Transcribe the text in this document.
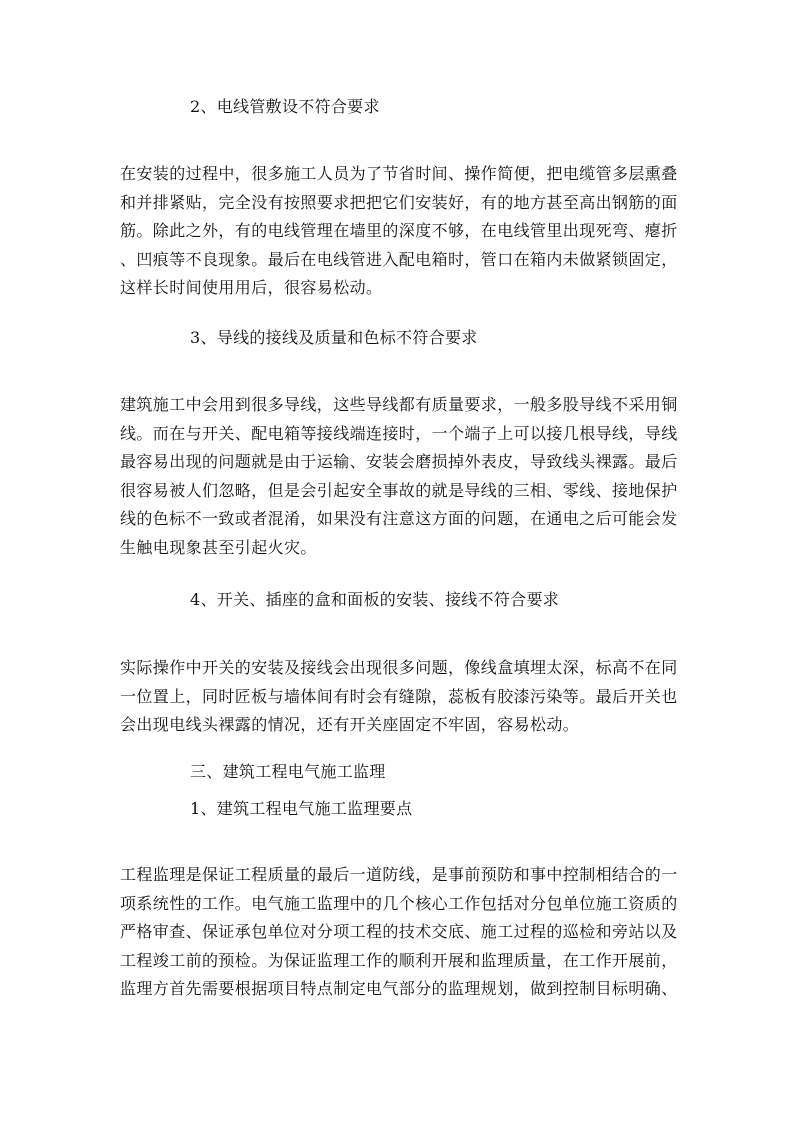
2、电线管敷设不符合要求
在安装的过程中，很多施工人员为了节省时间、操作简便，把电缆管多层熏叠
和并排紧贴，完全没有按照要求把把它们安装好，有的地方甚至高出钢筋的面
筋。除此之外，有的电线管理在墙里的深度不够，在电线管里出现死弯、瘪折
、凹痕等不良现象。最后在电线管进入配电箱时，管口在箱内未做紧锁固定，
这样长时间使用用后，很容易松动。
3、导线的接线及质量和色标不符合要求
建筑施工中会用到很多导线，这些导线都有质量要求，一般多股导线不采用铜
线。而在与开关、配电箱等接线端连接时，一个端子上可以接几根导线，导线
最容易出现的问题就是由于运输、安装会磨损掉外表皮，导致线头裸露。最后
很容易被人们忽略，但是会引起安全事故的就是导线的三相、零线、接地保护
线的色标不一致或者混淆，如果没有注意这方面的问题，在通电之后可能会发
生触电现象甚至引起火灾。
4、开关、插座的盒和面板的安装、接线不符合要求
实际操作中开关的安装及接线会出现很多问题，像线盒填埋太深，标高不在同
一位置上，同时匠板与墙体间有时会有缝隙，蕊板有胶漆污染等。最后开关也
会出现电线头裸露的情况，还有开关座固定不牢固，容易松动。
三、建筑工程电气施工监理
1、建筑工程电气施工监理要点
工程监理是保证工程质量的最后一道防线，是事前预防和事中控制相结合的一
项系统性的工作。电气施工监理中的几个核心工作包括对分包单位施工资质的
严格审查、保证承包单位对分项工程的技术交底、施工过程的巡检和旁站以及
工程竣工前的预检。为保证监理工作的顺利开展和监理质量，在工作开展前，
监理方首先需要根据项目特点制定电气部分的监理规划，做到控制目标明确、
